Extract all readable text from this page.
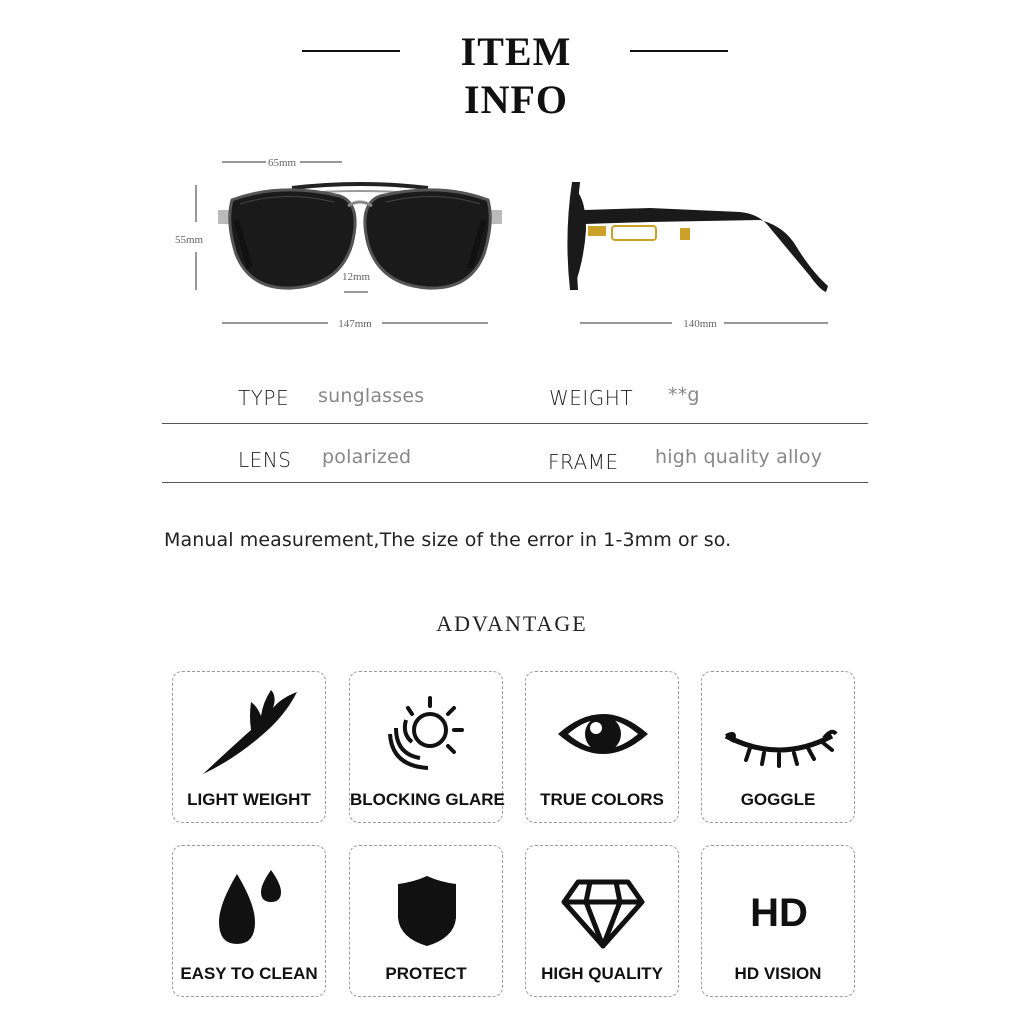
ITEM INFO
65mm
55mm
12mm
147mm	140mm
TYPE sunglasses	WEIGHT **g
LENS polarized	FRAME high quality alloy
Manual measurement,The size of the error in 1-3mm or so.
ADVANTAGE
LIGHT WEIGHT	BLOCKING GLARE	TRUE COLORS	GOGGLE
EASY TO CLEAN	PROTECT	HIGH QUALITY
HD
HD VISION
